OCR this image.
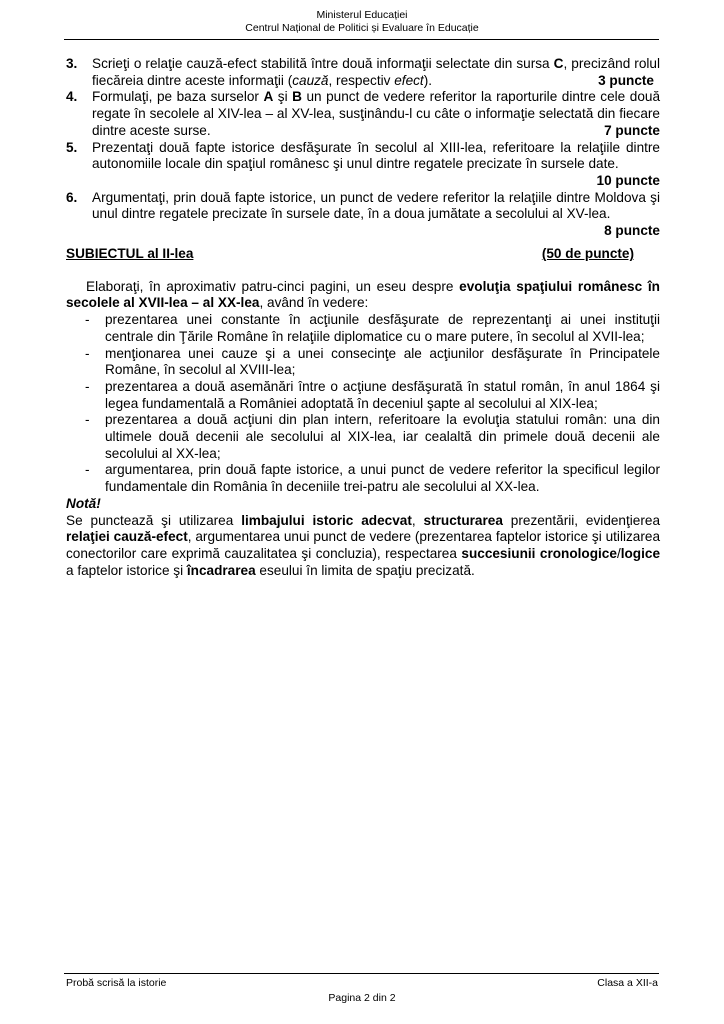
Ministerul Educației
Centrul Național de Politici și Evaluare în Educație
3. Scrieţi o relaţie cauză-efect stabilită între două informaţii selectate din sursa C, precizând rolul fiecăreia dintre aceste informaţii (cauză, respectiv efect).	3 puncte
4. Formulaţi, pe baza surselor A şi B un punct de vedere referitor la raporturile dintre cele două regate în secolele al XIV-lea – al XV-lea, susţinându-l cu câte o informaţie selectată din fiecare dintre aceste surse.	7 puncte
5. Prezentaţi două fapte istorice desfăşurate în secolul al XIII-lea, referitoare la relaţiile dintre autonomiile locale din spaţiul românesc şi unul dintre regatele precizate în sursele date.
10 puncte
6. Argumentaţi, prin două fapte istorice, un punct de vedere referitor la relaţiile dintre Moldova şi unul dintre regatele precizate în sursele date, în a doua jumătate a secolului al XV-lea.
8 puncte
SUBIECTUL al II-lea	(50 de puncte)
Elaboraţi, în aproximativ patru-cinci pagini, un eseu despre evoluţia spaţiului românesc în secolele al XVII-lea – al XX-lea, având în vedere:
- prezentarea unei constante în acţiunile desfăşurate de reprezentanţi ai unei instituţii centrale din Ţările Române în relaţiile diplomatice cu o mare putere, în secolul al XVII-lea;
- menţionarea unei cauze şi a unei consecinţe ale acţiunilor desfăşurate în Principatele Române, în secolul al XVIII-lea;
- prezentarea a două asemănări între o acţiune desfăşurată în statul român, în anul 1864 şi legea fundamentală a României adoptată în deceniul şapte al secolului al XIX-lea;
- prezentarea a două acţiuni din plan intern, referitoare la evoluţia statului român: una din ultimele două decenii ale secolului al XIX-lea, iar cealaltă din primele două decenii ale secolului al XX-lea;
- argumentarea, prin două fapte istorice, a unui punct de vedere referitor la specificul legilor fundamentale din România în deceniile trei-patru ale secolului al XX-lea.
Notă!
Se punctează şi utilizarea limbajului istoric adecvat, structurarea prezentării, evidenţierea relaţiei cauză-efect, argumentarea unui punct de vedere (prezentarea faptelor istorice şi utilizarea conectorilor care exprimă cauzalitatea şi concluzia), respectarea succesiunii cronologice/logice a faptelor istorice şi încadrarea eseului în limita de spaţiu precizată.
Probă scrisă la istorie	Clasa a XII-a
Pagina 2 din 2
